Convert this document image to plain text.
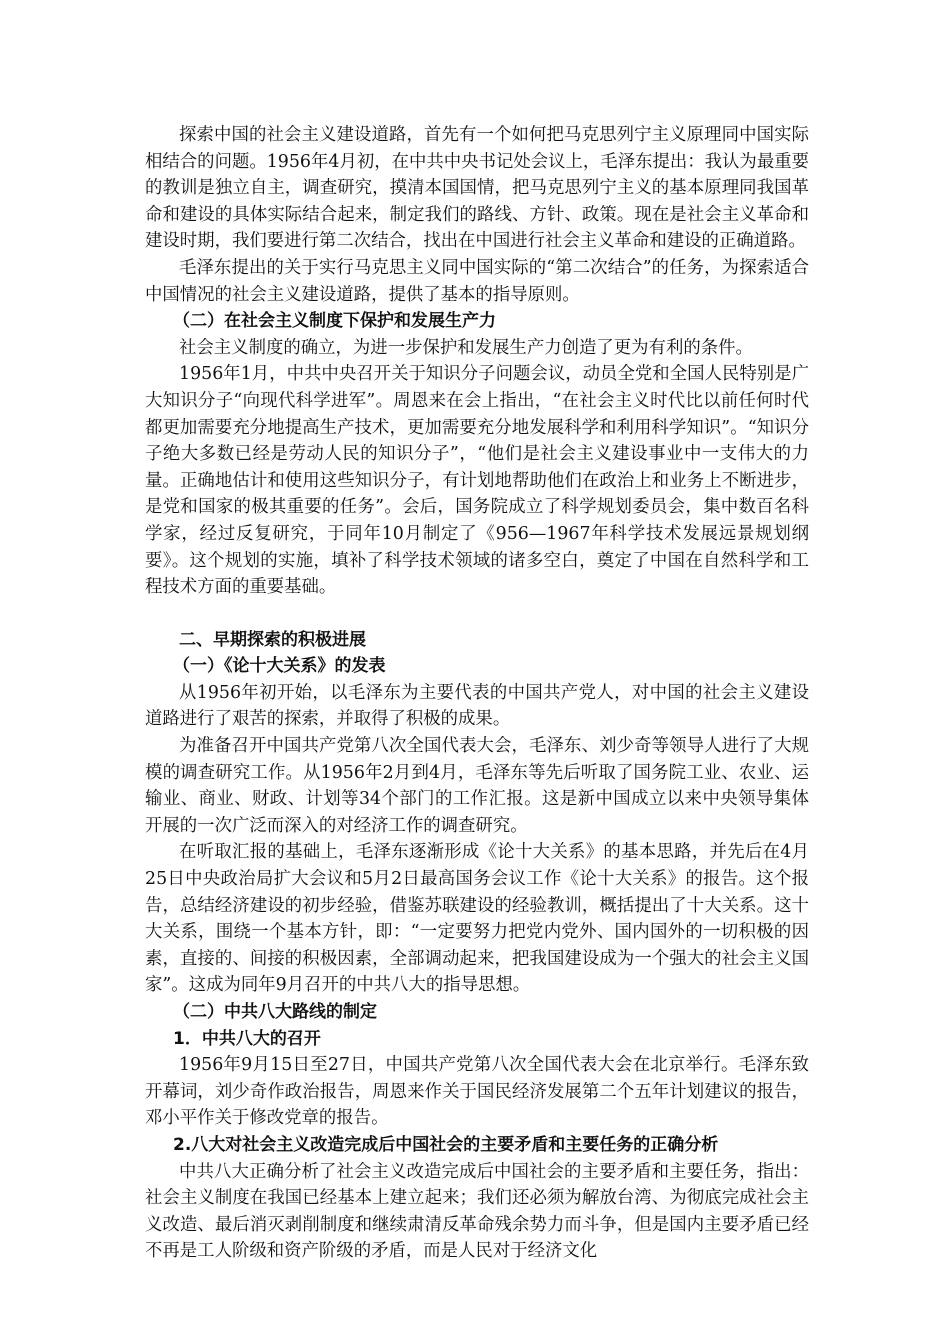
探索中国的社会主义建设道路，首先有一个如何把马克思列宁主义原理同中国实际相结合的问题。1956年4月初，在中共中央书记处会议上，毛泽东提出：我认为最重要的教训是独立自主，调查研究，摸清本国国情，把马克思列宁主义的基本原理同我国革命和建设的具体实际结合起来，制定我们的路线、方针、政策。现在是社会主义革命和建设时期，我们要进行第二次结合，找出在中国进行社会主义革命和建设的正确道路。

毛泽东提出的关于实行马克思主义同中国实际的“第二次结合”的任务，为探索适合中国情况的社会主义建设道路，提供了基本的指导原则。

（二）在社会主义制度下保护和发展生产力

社会主义制度的确立，为进一步保护和发展生产力创造了更为有利的条件。

1956年1月，中共中央召开关于知识分子问题会议，动员全党和全国人民特别是广大知识分子“向现代科学进军”。周恩来在会上指出，“在社会主义时代比以前任何时代都更加需要充分地提高生产技术，更加需要充分地发展科学和利用科学知识”。“知识分子绝大多数已经是劳动人民的知识分子”，“他们是社会主义建设事业中一支伟大的力量。正确地估计和使用这些知识分子，有计划地帮助他们在政治上和业务上不断进步，是党和国家的极其重要的任务”。会后，国务院成立了科学规划委员会，集中数百名科学家，经过反复研究，于同年10月制定了《956—1967年科学技术发展远景规划纲要》。这个规划的实施，填补了科学技术领域的诸多空白，奠定了中国在自然科学和工程技术方面的重要基础。

二、早期探索的积极进展

（一）《论十大关系》的发表

从1956年初开始，以毛泽东为主要代表的中国共产党人，对中国的社会主义建设道路进行了艰苦的探索，并取得了积极的成果。

为准备召开中国共产党第八次全国代表大会，毛泽东、刘少奇等领导人进行了大规模的调查研究工作。从1956年2月到4月，毛泽东等先后听取了国务院工业、农业、运输业、商业、财政、计划等34个部门的工作汇报。这是新中国成立以来中央领导集体开展的一次广泛而深入的对经济工作的调查研究。

在听取汇报的基础上，毛泽东逐渐形成《论十大关系》的基本思路，并先后在4月25日中央政治局扩大会议和5月2日最高国务会议工作《论十大关系》的报告。这个报告，总结经济建设的初步经验，借鉴苏联建设的经验教训，概括提出了十大关系。这十大关系，围绕一个基本方针，即：“一定要努力把党内党外、国内国外的一切积极的因素，直接的、间接的积极因素，全部调动起来，把我国建设成为一个强大的社会主义国家”。这成为同年9月召开的中共八大的指导思想。

（二）中共八大路线的制定

1．中共八大的召开

1956年9月15日至27日，中国共产党第八次全国代表大会在北京举行。毛泽东致开幕词，刘少奇作政治报告，周恩来作关于国民经济发展第二个五年计划建议的报告，邓小平作关于修改党章的报告。

2.八大对社会主义改造完成后中国社会的主要矛盾和主要任务的正确分析

中共八大正确分析了社会主义改造完成后中国社会的主要矛盾和主要任务，指出：社会主义制度在我国已经基本上建立起来；我们还必须为解放台湾、为彻底完成社会主义改造、最后消灭剥削制度和继续肃清反革命残余势力而斗争，但是国内主要矛盾已经不再是工人阶级和资产阶级的矛盾，而是人民对于经济文化
